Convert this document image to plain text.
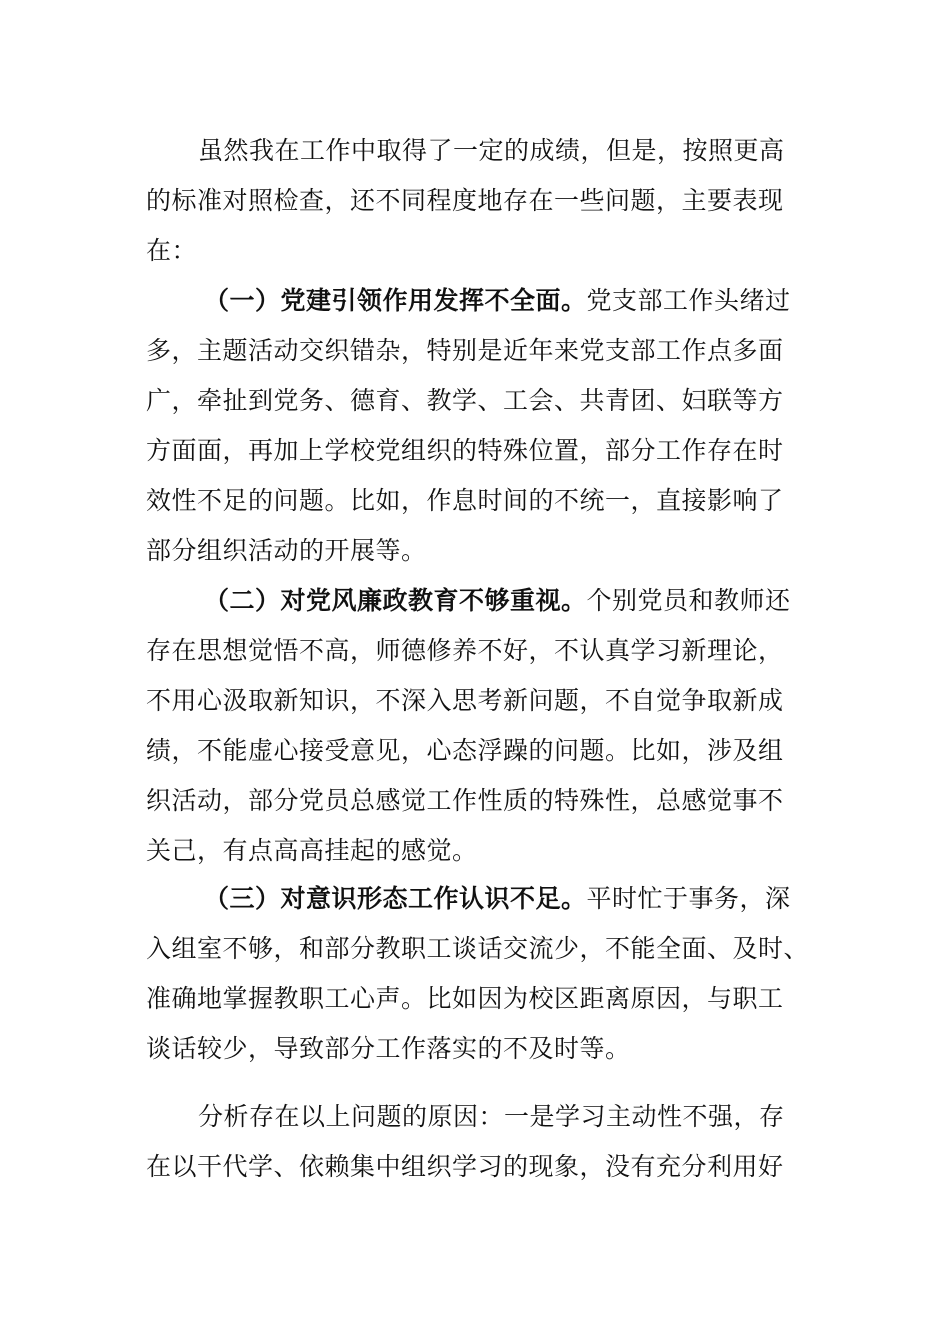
虽然我在工作中取得了一定的成绩，但是，按照更高
的标准对照检查，还不同程度地存在一些问题，主要表现
在：
（一）党建引领作用发挥不全面。党支部工作头绪过
多，主题活动交织错杂，特别是近年来党支部工作点多面
广，牵扯到党务、德育、教学、工会、共青团、妇联等方
方面面，再加上学校党组织的特殊位置，部分工作存在时
效性不足的问题。比如，作息时间的不统一，直接影响了
部分组织活动的开展等。
（二）对党风廉政教育不够重视。个别党员和教师还
存在思想觉悟不高，师德修养不好，不认真学习新理论，
不用心汲取新知识，不深入思考新问题，不自觉争取新成
绩，不能虚心接受意见，心态浮躁的问题。比如，涉及组
织活动，部分党员总感觉工作性质的特殊性，总感觉事不
关己，有点高高挂起的感觉。
（三）对意识形态工作认识不足。平时忙于事务，深
入组室不够，和部分教职工谈话交流少，不能全面、及时、
准确地掌握教职工心声。比如因为校区距离原因，与职工
谈话较少，导致部分工作落实的不及时等。
分析存在以上问题的原因：一是学习主动性不强，存
在以干代学、依赖集中组织学习的现象，没有充分利用好
